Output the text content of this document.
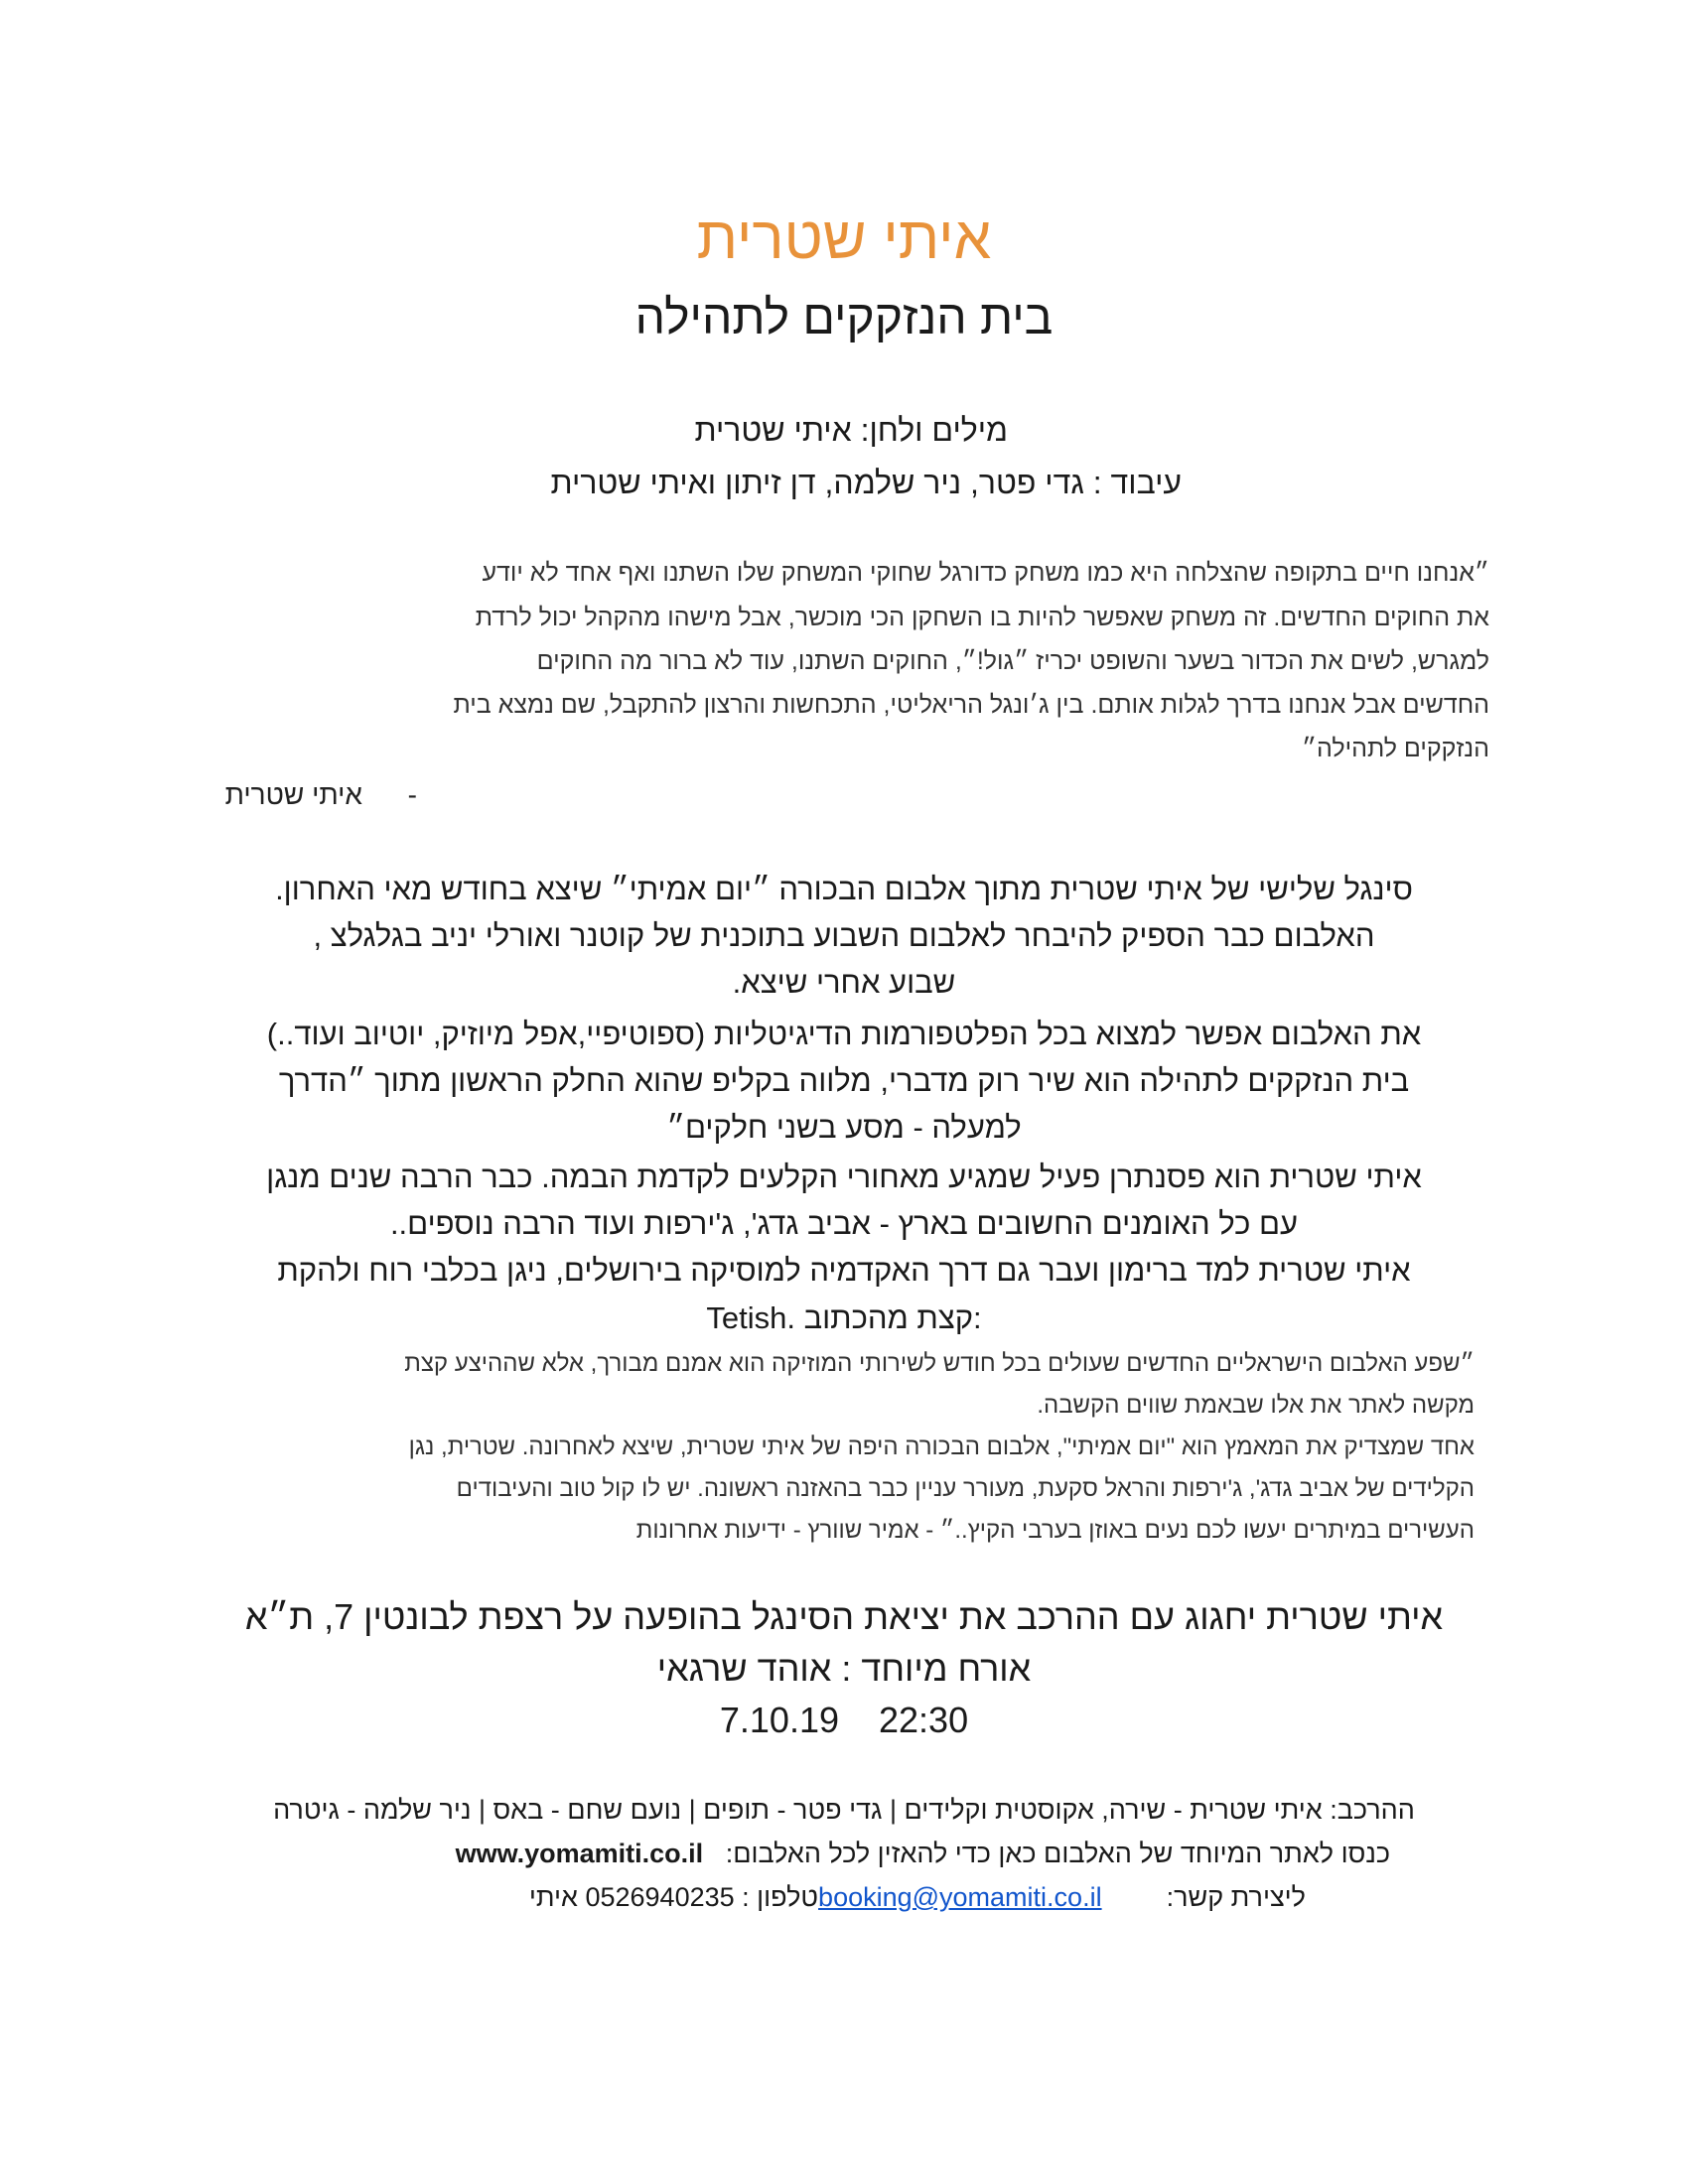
איתי שטרית
בית הנזקקים לתהילה
מילים ולחן: איתי שטרית
עיבוד : גדי פטר, ניר שלמה, דן זיתון ואיתי שטרית
״אנחנו חיים בתקופה שהצלחה היא כמו משחק כדורגל שחוקי המשחק שלו השתנו ואף אחד לא יודע
את החוקים החדשים. זה משחק שאפשר להיות בו השחקן הכי מוכשר, אבל מישהו מהקהל יכול לרדת
למגרש, לשים את הכדור בשער והשופט יכריז ״גול!״, החוקים השתנו, עוד לא ברור מה החוקים
החדשים אבל אנחנו בדרך לגלות אותם. בין ג׳ונגל הריאליטי, התכחשות והרצון להתקבל, שם נמצא בית
הנזקקים לתהילה״
איתי שטרית -
סינגל שלישי של איתי שטרית מתוך אלבום הבכורה ״יום אמיתי״ שיצא בחודש מאי האחרון.
האלבום כבר הספיק להיבחר לאלבום השבוע בתוכנית של קוטנר ואורלי יניב בגלגלצ ,
שבוע אחרי שיצא.
את האלבום אפשר למצוא בכל הפלטפורמות הדיגיטליות (ספוטיפיי,אפל מיוזיק, יוטיוב ועוד..)
בית הנזקקים לתהילה הוא שיר רוק מדברי, מלווה בקליפ שהוא החלק הראשון מתוך ״הדרך
למעלה - מסע בשני חלקים״
איתי שטרית הוא פסנתרן פעיל שמגיע מאחורי הקלעים לקדמת הבמה. כבר הרבה שנים מנגן
עם כל האומנים החשובים בארץ - אביב גדג', ג'ירפות ועוד הרבה נוספים..
איתי שטרית למד ברימון ועבר גם דרך האקדמיה למוסיקה בירושלים, ניגן בכלבי רוח ולהקת
Tetish. קצת מהכתוב:
״שפע האלבום הישראליים החדשים שעולים בכל חודש לשירותי המוזיקה הוא אמנם מבורך, אלא שההיצע קצת
מקשה לאתר את אלו שבאמת שווים הקשבה.
אחד שמצדיק את המאמץ הוא "יום אמיתי", אלבום הבכורה היפה של איתי שטרית, שיצא לאחרונה. שטרית, נגן
הקלידים של אביב גדג', ג'ירפות והראל סקעת, מעורר עניין כבר בהאזנה ראשונה. יש לו קול טוב והעיבודים
העשירים במיתרים יעשו לכם נעים באוזן בערבי הקיץ..״ - אמיר שוורץ - ידיעות אחרונות
איתי שטרית יחגוג עם ההרכב את יציאת הסינגל בהופעה על רצפת לבונטין 7, ת״א
אורח מיוחד : אוהד שרגאי
7.10.19 22:30
ההרכב: איתי שטרית - שירה, אקוסטית וקלידים | גדי פטר - תופים | נועם שחם - באס | ניר שלמה - גיטרה
כנסו לאתר המיוחד של האלבום כאן כדי להאזין לכל האלבום:   www.yomamiti.co.il
ליצירת קשר:  booking@yomamiti.co.ilטלפון : 0526940235 איתי
